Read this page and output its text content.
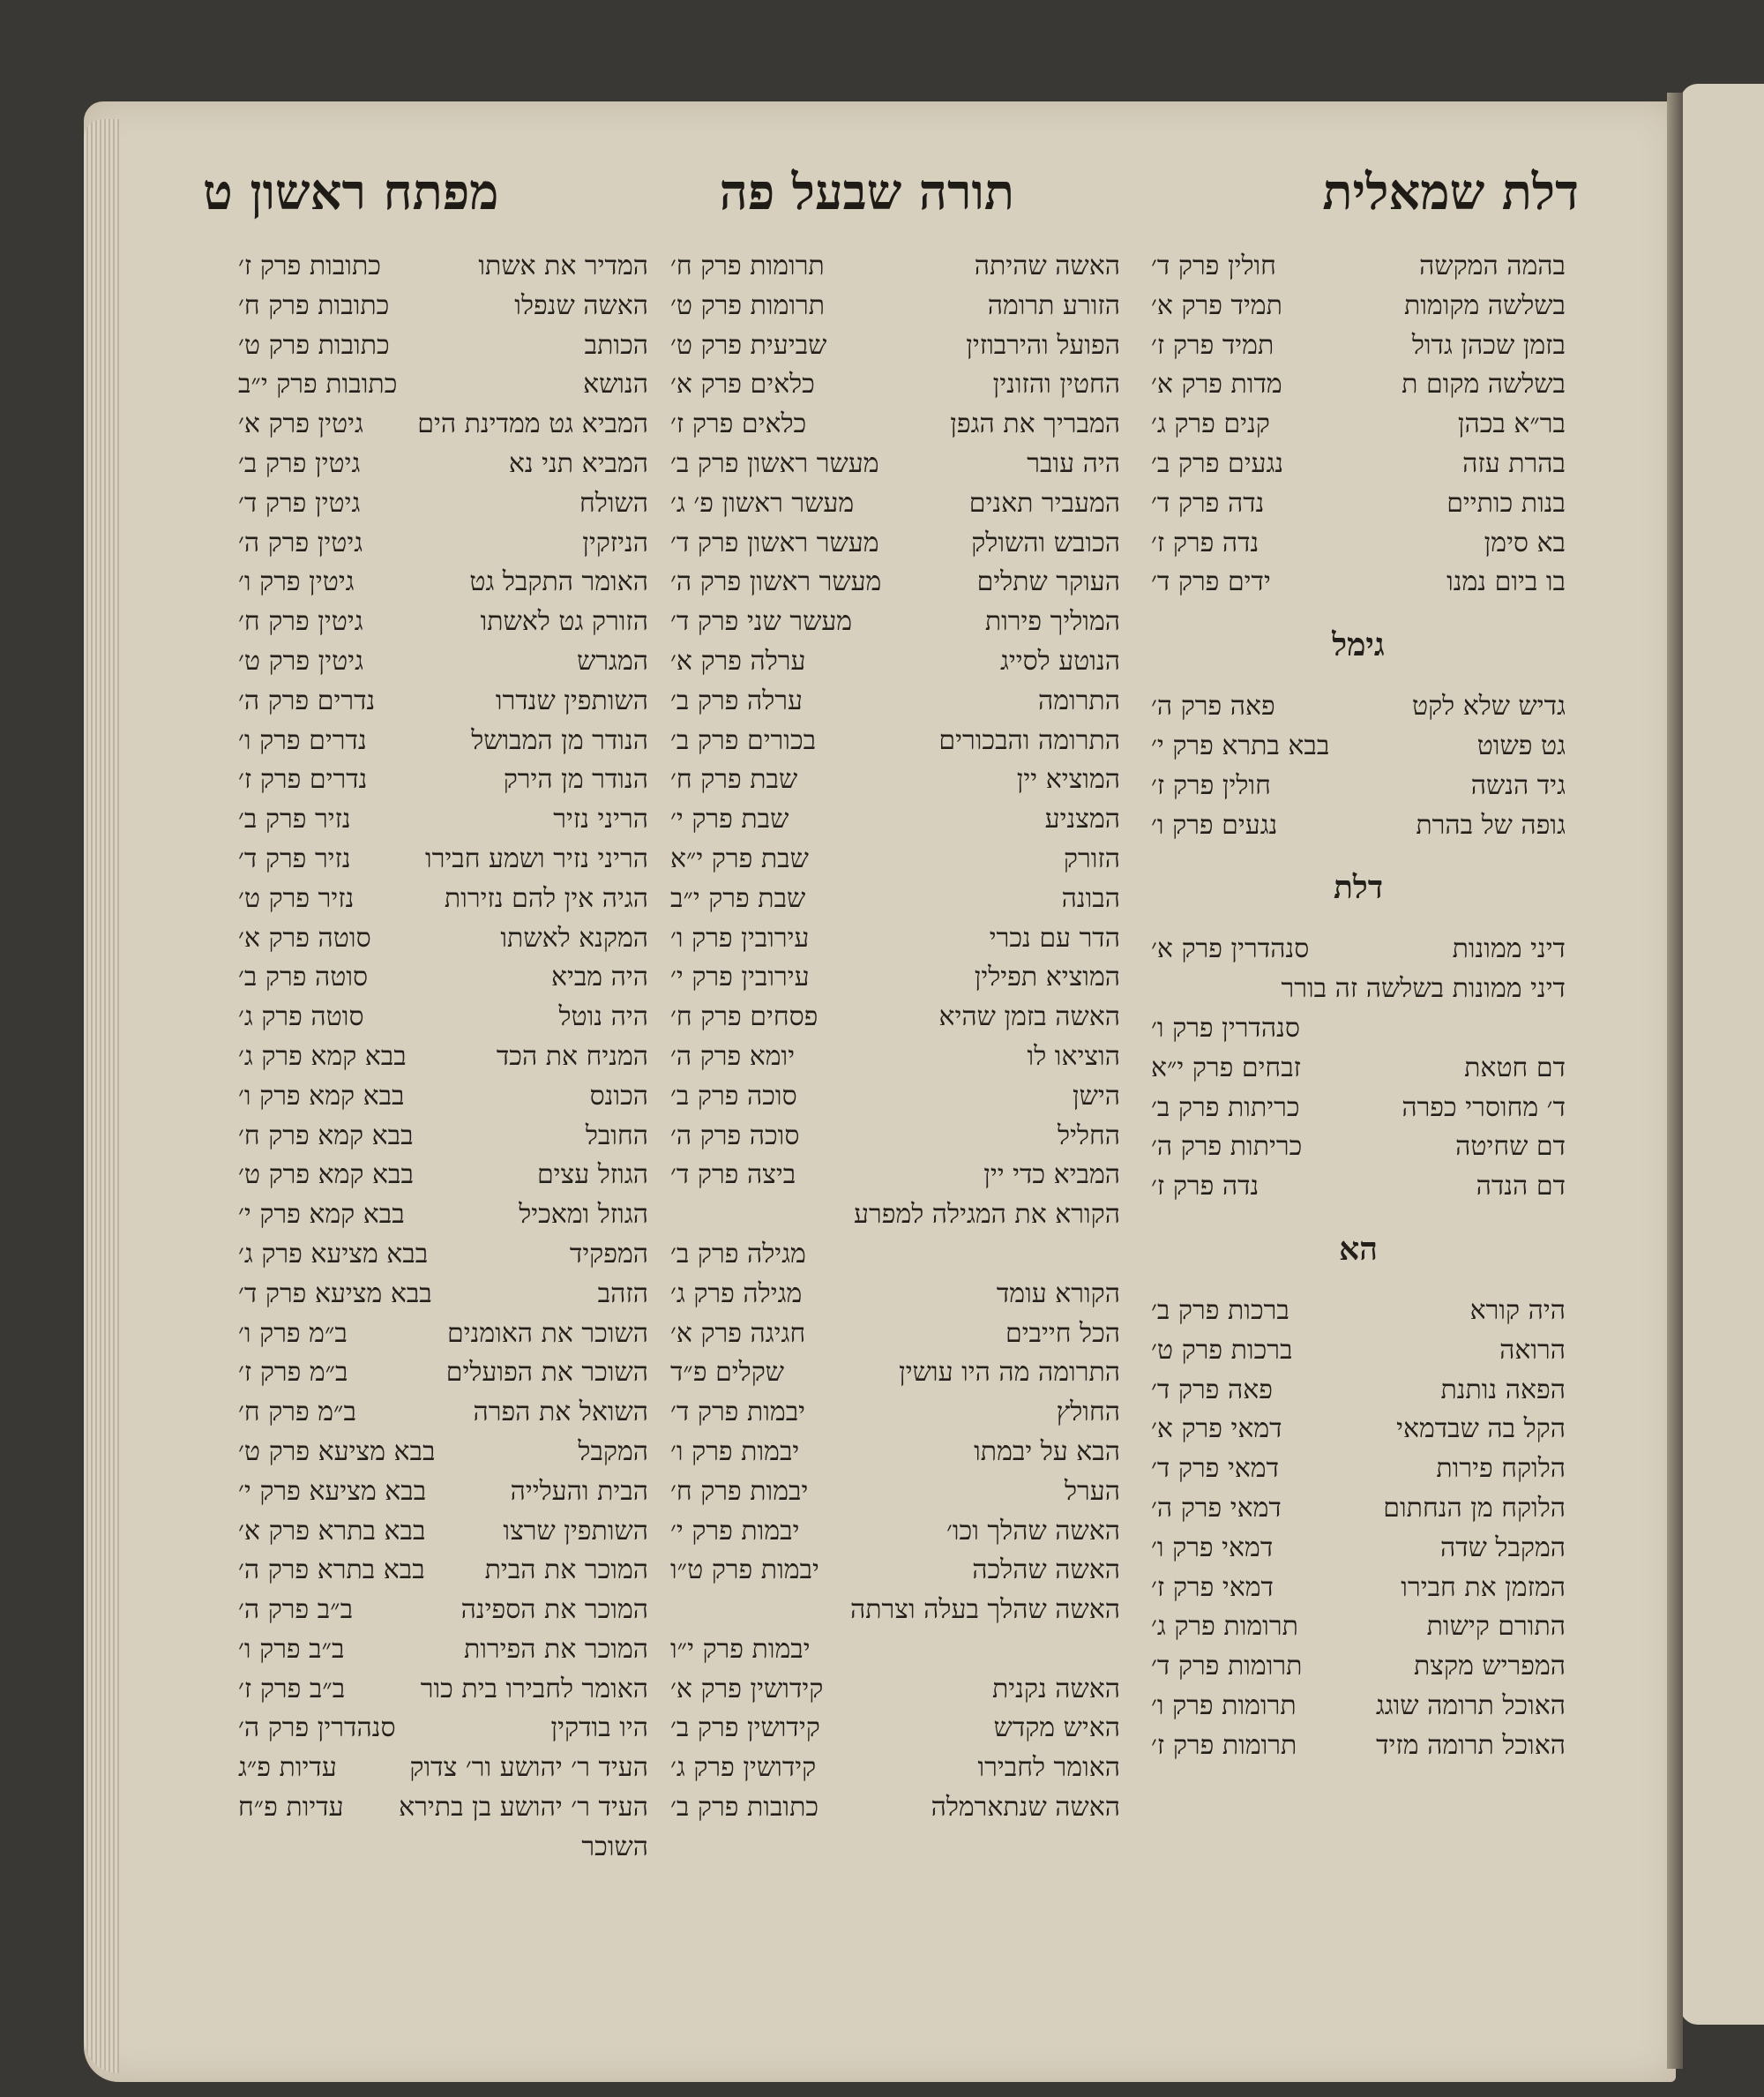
דלת שמאלית
תורה שבעל פה
מפתח ראשון ט
בהמה המקשה
חולין פרק ד׳
בשלשה מקומות
תמיד פרק א׳
בזמן שכהן גדול
תמיד פרק ז׳
בשלשה מקום ת
מדות פרק א׳
בר״א בכהן
קנים פרק ג׳
בהרת עזה
נגעים פרק ב׳
בנות כותיים
נדה פרק ד׳
בא סימן
נדה פרק ז׳
בו ביום נמנו
ידים פרק ד׳
גימל
גדיש שלא לקט
פאה פרק ה׳
גט פשוט
בבא בתרא פרק י׳
גיד הנשה
חולין פרק ז׳
גופה של בהרת
נגעים פרק ו׳
דלת
דיני ממונות
סנהדרין פרק א׳
דיני ממונות בשלשה זה בורר
סנהדרין פרק ו׳
דם חטאת
זבחים פרק י״א
ד׳ מחוסרי כפרה
כריתות פרק ב׳
דם שחיטה
כריתות פרק ה׳
דם הנדה
נדה פרק ז׳
הא
היה קורא
ברכות פרק ב׳
הרואה
ברכות פרק ט׳
הפאה נותנת
פאה פרק ד׳
הקל בה שבדמאי
דמאי פרק א׳
הלוקח פירות
דמאי פרק ד׳
הלוקח מן הנחתום
דמאי פרק ה׳
המקבל שדה
דמאי פרק ו׳
המזמן את חבירו
דמאי פרק ז׳
התורם קישות
תרומות פרק ג׳
המפריש מקצת
תרומות פרק ד׳
האוכל תרומה שוגג
תרומות פרק ו׳
האוכל תרומה מזיד
תרומות פרק ז׳
האשה שהיתה
תרומות פרק ח׳
הזורע תרומה
תרומות פרק ט׳
הפועל והירבוזין
שביעית פרק ט׳
החטין והזונין
כלאים פרק א׳
המבריך את הגפן
כלאים פרק ז׳
היה עובר
מעשר ראשון פרק ב׳
המעביר תאנים
מעשר ראשון פ׳ ג׳
הכובש והשולק
מעשר ראשון פרק ד׳
העוקר שתלים
מעשר ראשון פרק ה׳
המוליך פירות
מעשר שני פרק ד׳
הנוטע לסייג
ערלה פרק א׳
התרומה
ערלה פרק ב׳
התרומה והבכורים
בכורים פרק ב׳
המוציא יין
שבת פרק ח׳
המצניע
שבת פרק י׳
הזורק
שבת פרק י״א
הבונה
שבת פרק י״ב
הדר עם נכרי
עירובין פרק ו׳
המוציא תפילין
עירובין פרק י׳
האשה בזמן שהיא
פסחים פרק ח׳
הוציאו לו
יומא פרק ה׳
הישן
סוכה פרק ב׳
החליל
סוכה פרק ה׳
המביא כדי יין
ביצה פרק ד׳
הקורא את המגילה למפרע
מגילה פרק ב׳
הקורא עומד
מגילה פרק ג׳
הכל חייבים
חגיגה פרק א׳
התרומה מה היו עושין
שקלים פ״ד
החולץ
יבמות פרק ד׳
הבא על יבמתו
יבמות פרק ו׳
הערל
יבמות פרק ח׳
האשה שהלך וכו׳
יבמות פרק י׳
האשה שהלכה
יבמות פרק ט״ו
האשה שהלך בעלה וצרתה
יבמות פרק י״ו
האשה נקנית
קידושין פרק א׳
האיש מקדש
קידושין פרק ב׳
האומר לחבירו
קידושין פרק ג׳
האשה שנתארמלה
כתובות פרק ב׳
המדיר את אשתו
כתובות פרק ז׳
האשה שנפלו
כתובות פרק ח׳
הכותב
כתובות פרק ט׳
הנושא
כתובות פרק י״ב
המביא גט ממדינת הים
גיטין פרק א׳
המביא תני נא
גיטין פרק ב׳
השולח
גיטין פרק ד׳
הניזקין
גיטין פרק ה׳
האומר התקבל גט
גיטין פרק ו׳
הזורק גט לאשתו
גיטין פרק ח׳
המגרש
גיטין פרק ט׳
השותפין שנדרו
נדרים פרק ה׳
הנודר מן המבושל
נדרים פרק ו׳
הנודר מן הירק
נדרים פרק ז׳
הריני נזיר
נזיר פרק ב׳
הריני נזיר ושמע חבירו
נזיר פרק ד׳
הגיה אין להם נזירות
נזיר פרק ט׳
המקנא לאשתו
סוטה פרק א׳
היה מביא
סוטה פרק ב׳
היה נוטל
סוטה פרק ג׳
המניח את הכד
בבא קמא פרק ג׳
הכונס
בבא קמא פרק ו׳
החובל
בבא קמא פרק ח׳
הגוזל עצים
בבא קמא פרק ט׳
הגוזל ומאכיל
בבא קמא פרק י׳
המפקיד
בבא מציעא פרק ג׳
הזהב
בבא מציעא פרק ד׳
השוכר את האומנים
ב״מ פרק ו׳
השוכר את הפועלים
ב״מ פרק ז׳
השואל את הפרה
ב״מ פרק ח׳
המקבל
בבא מציעא פרק ט׳
הבית והעלייה
בבא מציעא פרק י׳
השותפין שרצו
בבא בתרא פרק א׳
המוכר את הבית
בבא בתרא פרק ה׳
המוכר את הספינה
ב״ב פרק ה׳
המוכר את הפירות
ב״ב פרק ו׳
האומר לחבירו בית כור
ב״ב פרק ז׳
היו בודקין
סנהדרין פרק ה׳
העיד ר׳ יהושע ור׳ צדוק
עדיות פ״ג
העיד ר׳ יהושע בן בתירא
עדיות פ״ח
השוכר
